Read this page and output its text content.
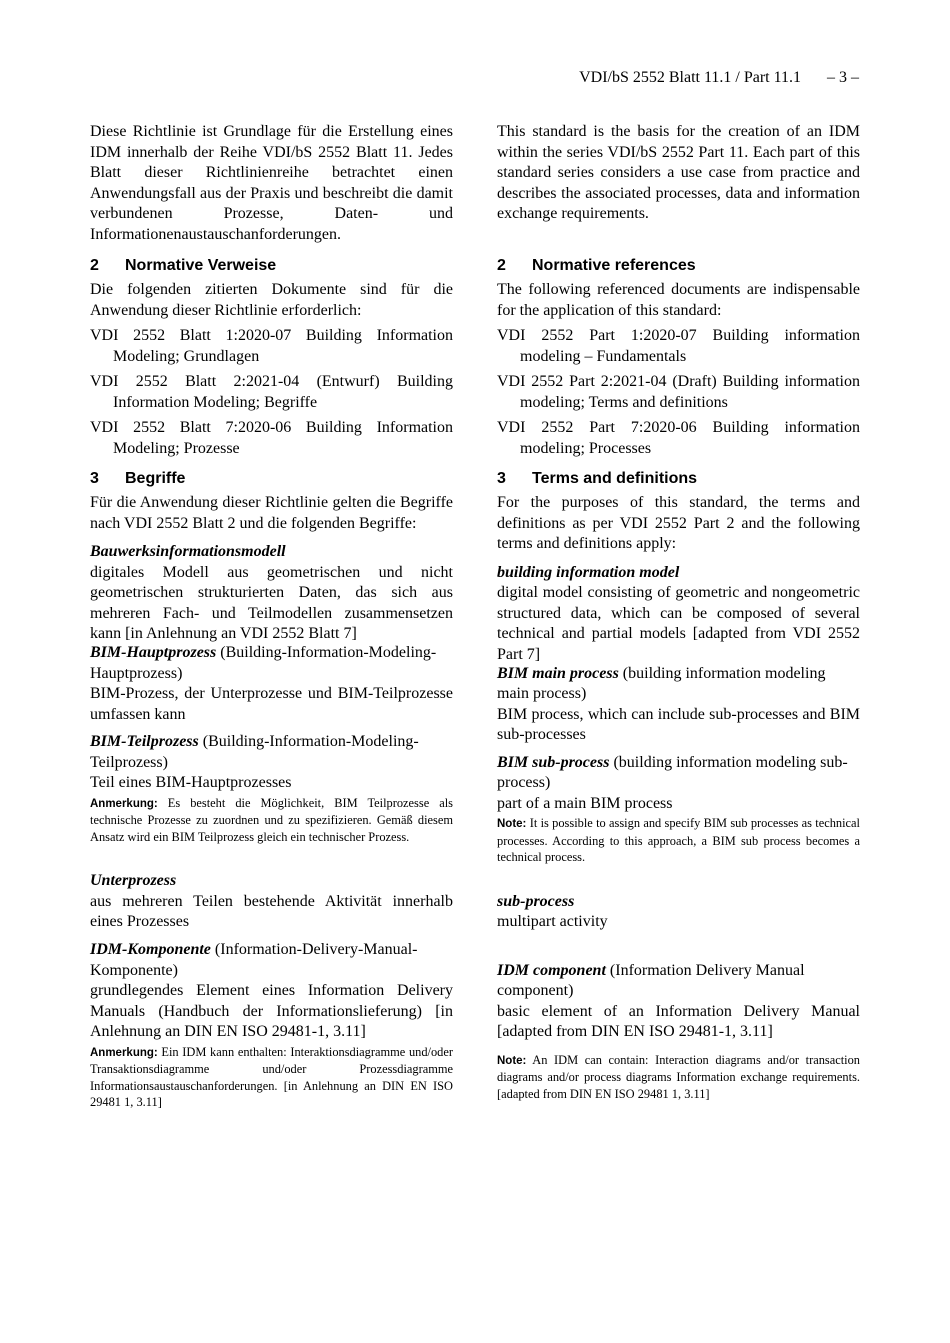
VDI/bS 2552 Blatt 11.1 / Part 11.1 – 3 –

Diese Richtlinie ist Grundlage für die Erstellung eines IDM innerhalb der Reihe VDI/bS 2552 Blatt 11. Jedes Blatt dieser Richtlinienreihe betrachtet einen Anwendungsfall aus der Praxis und beschreibt die damit verbundenen Prozesse, Daten- und Informationenaustauschanforderungen.

2 Normative Verweise

Die folgenden zitierten Dokumente sind für die Anwendung dieser Richtlinie erforderlich:

VDI 2552 Blatt 1:2020-07 Building Information Modeling; Grundlagen

VDI 2552 Blatt 2:2021-04 (Entwurf) Building Information Modeling; Begriffe

VDI 2552 Blatt 7:2020-06 Building Information Modeling; Prozesse

3 Begriffe

Für die Anwendung dieser Richtlinie gelten die Begriffe nach VDI 2552 Blatt 2 und die folgenden Begriffe:

Bauwerksinformationsmodell

digitales Modell aus geometrischen und nicht geometrischen strukturierten Daten, das sich aus mehreren Fach- und Teilmodellen zusammensetzen kann [in Anlehnung an VDI 2552 Blatt 7]

BIM-Hauptprozess (Building-Information-Modeling-Hauptprozess)

BIM-Prozess, der Unterprozesse und BIM-Teilprozesse umfassen kann

BIM-Teilprozess (Building-Information-Modeling-Teilprozess)

Teil eines BIM-Hauptprozesses

Anmerkung: Es besteht die Möglichkeit, BIM Teilprozesse als technische Prozesse zu zuordnen und zu spezifizieren. Gemäß diesem Ansatz wird ein BIM Teilprozess gleich ein technischer Prozess.

Unterprozess

aus mehreren Teilen bestehende Aktivität innerhalb eines Prozesses

IDM-Komponente (Information-Delivery-Manual-Komponente)

grundlegendes Element eines Information Delivery Manuals (Handbuch der Informationslieferung) [in Anlehnung an DIN EN ISO 29481-1, 3.11]

Anmerkung: Ein IDM kann enthalten: Interaktionsdiagramme und/oder Transaktionsdiagramme und/oder Prozessdiagramme Informationsaustauschanforderungen. [in Anlehnung an DIN EN ISO 29481 1, 3.11]

This standard is the basis for the creation of an IDM within the series VDI/bS 2552 Part 11. Each part of this standard series considers a use case from practice and describes the associated processes, data and information exchange requirements.

2 Normative references

The following referenced documents are indispensable for the application of this standard:

VDI 2552 Part 1:2020-07 Building information modeling – Fundamentals

VDI 2552 Part 2:2021-04 (Draft) Building information modeling; Terms and definitions

VDI 2552 Part 7:2020-06 Building information modeling; Processes

3 Terms and definitions

For the purposes of this standard, the terms and definitions as per VDI 2552 Part 2 and the following terms and definitions apply:

building information model

digital model consisting of geometric and nongeometric structured data, which can be composed of several technical and partial models [adapted from VDI 2552 Part 7]

BIM main process (building information modeling main process)

BIM process, which can include sub-processes and BIM sub-processes

BIM sub-process (building information modeling sub-process)

part of a main BIM process

Note: It is possible to assign and specify BIM sub processes as technical processes. According to this approach, a BIM sub process becomes a technical process.

sub-process

multipart activity

IDM component (Information Delivery Manual component)

basic element of an Information Delivery Manual [adapted from DIN EN ISO 29481-1, 3.11]

Note: An IDM can contain: Interaction diagrams and/or transaction diagrams and/or process diagrams Information exchange requirements. [adapted from DIN EN ISO 29481 1, 3.11]
